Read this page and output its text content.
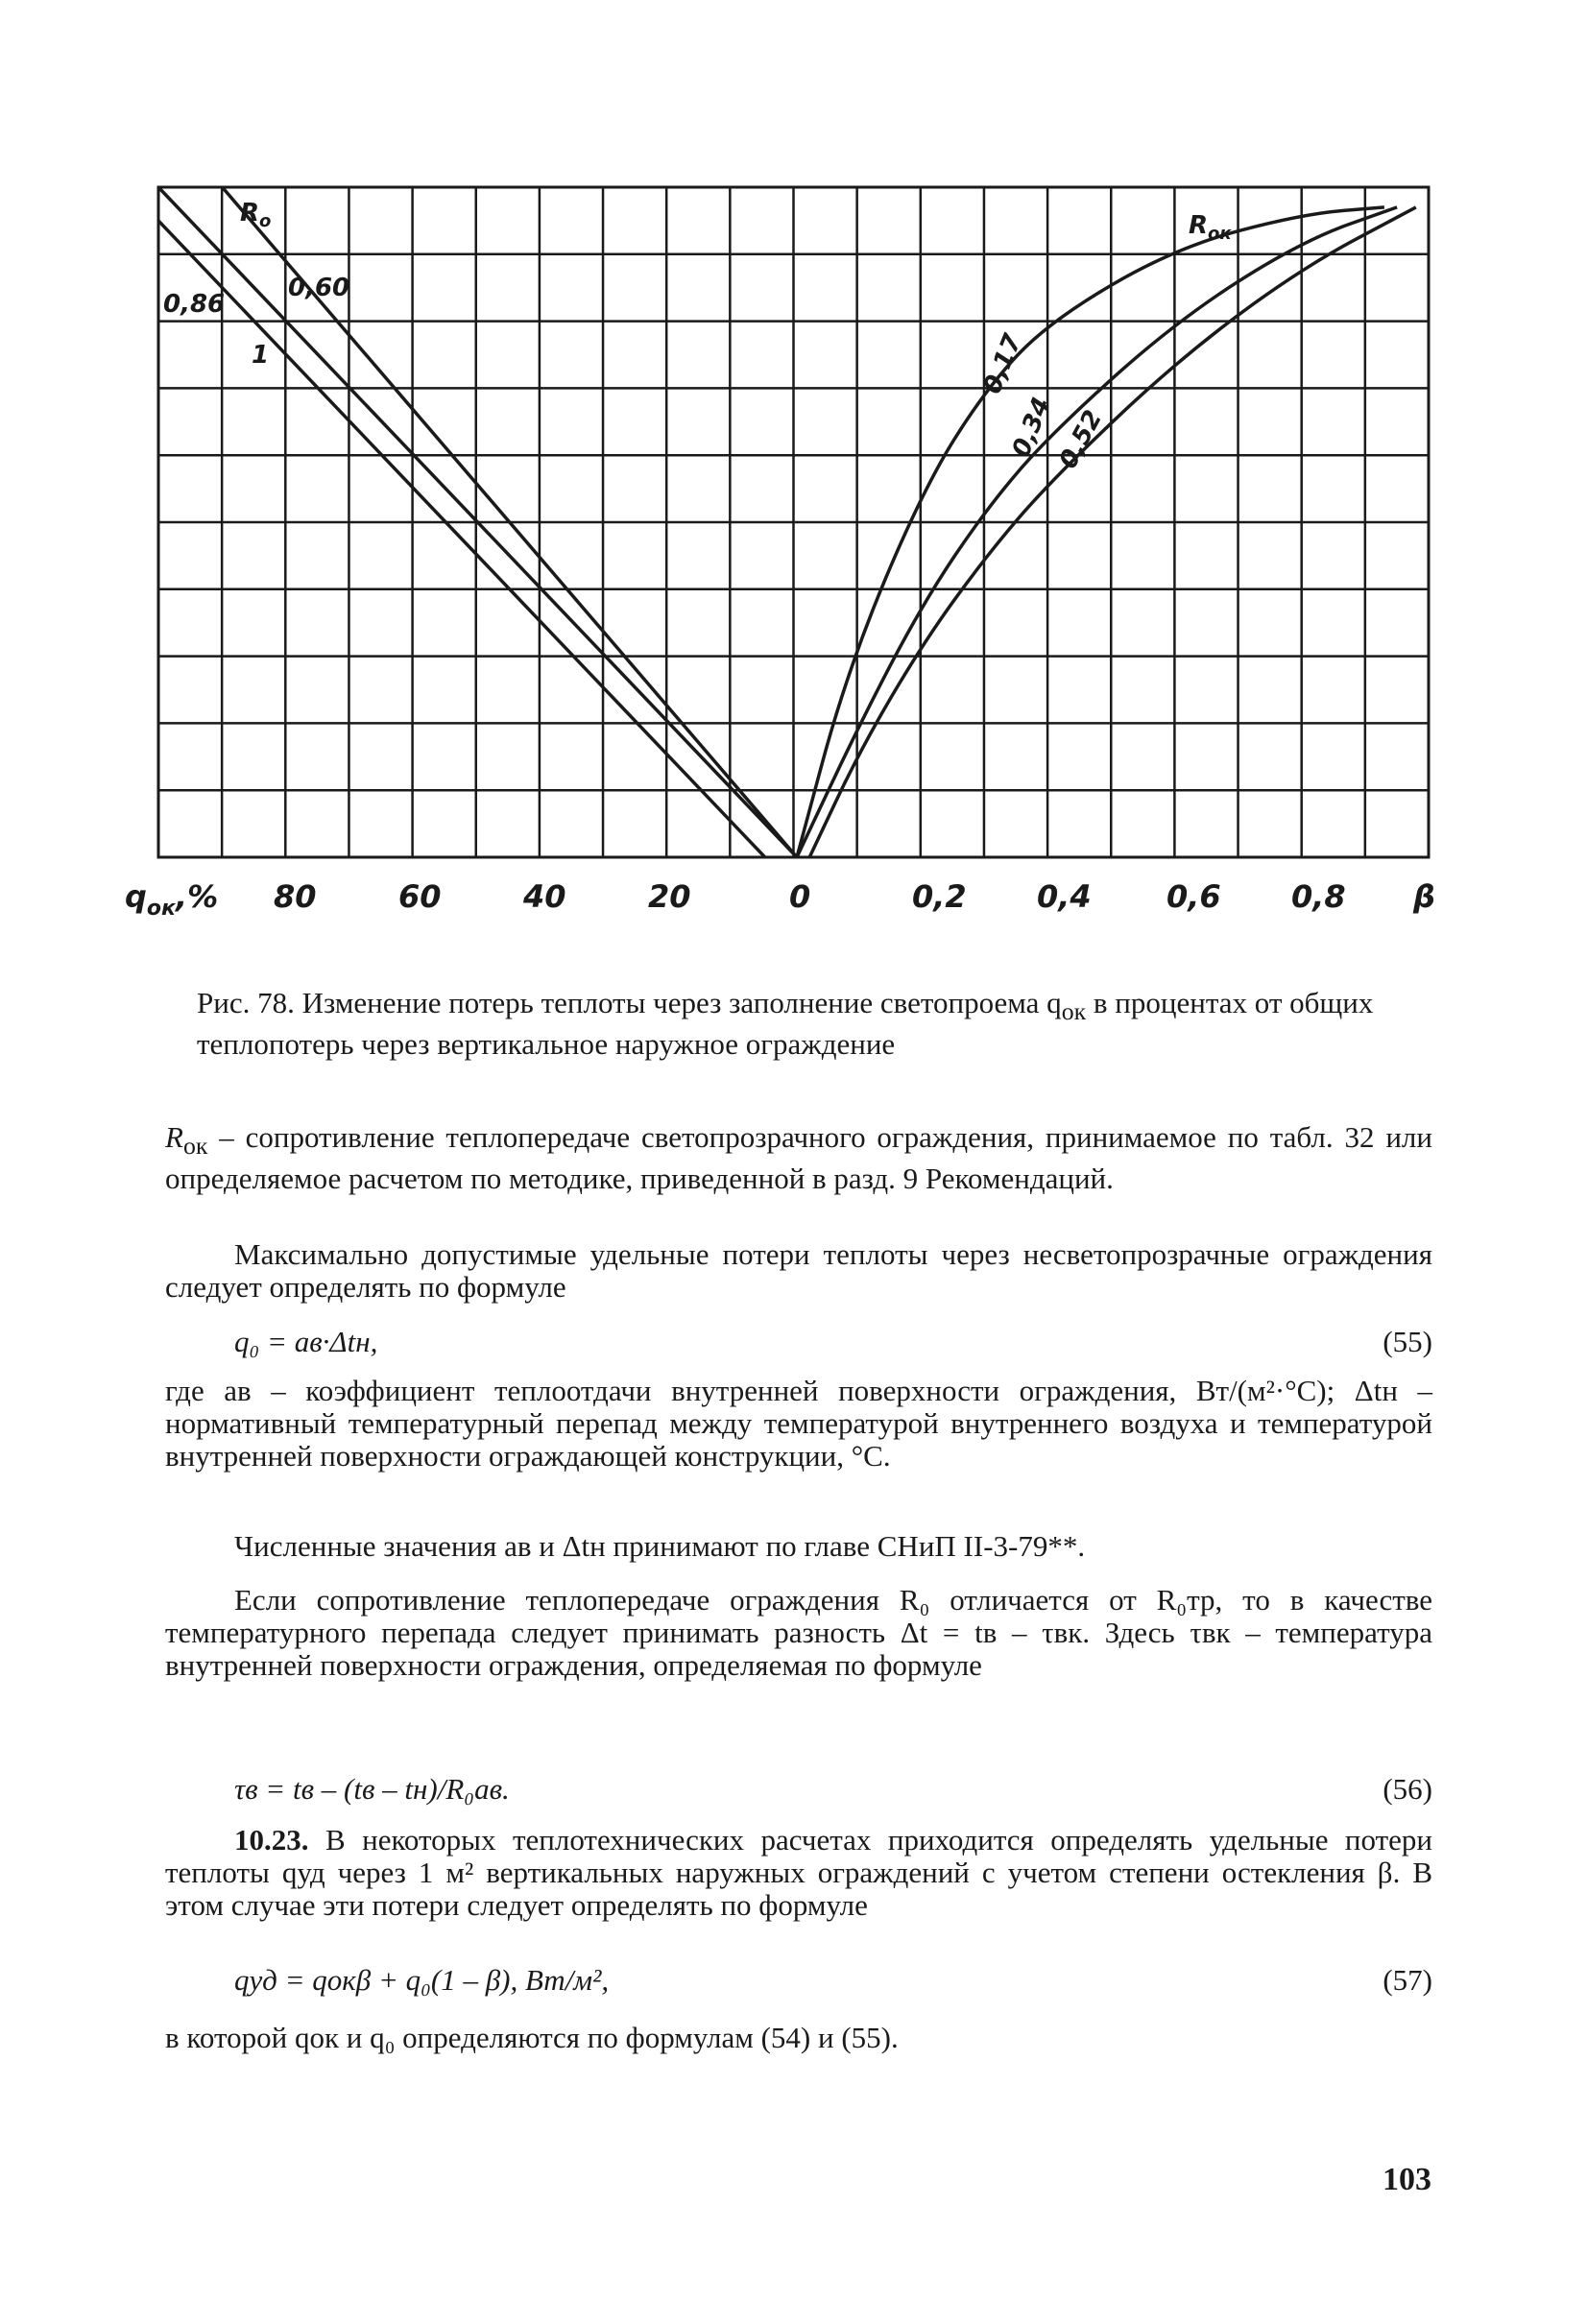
$q_{ок},\%$ 80	60	40	20	0	0,2 0,4 0,6 0,8 β
$R_o$
0,86
0,60
1
$R_{ок}$
0,17
0,34
0,52
Рис. 78. Изменение потерь теплоты через заполнение светопроема $q_{ок}$ в процентах от общих теплопотерь через вертикальное наружное ограждение
$R_{ок}$ – сопротивление теплопередаче светопрозрачного ограждения, принимаемое по табл. 32 или определяемое расчетом по методике, приведенной в разд. 9 Рекомендаций.
Максимально допустимые удельные потери теплоты через несветопрозрачные ограждения следует определять по формуле
q₀ = aв·Δtн,	(55)
где aв – коэффициент теплоотдачи внутренней поверхности ограждения, Вт/(м²·°С); Δtн – нормативный температурный перепад между температурой внутреннего воздуха и температурой внутренней поверхности ограждающей конструкции, °С.
Численные значения aв и Δtн принимают по главе СНиП II-3-79**.
Если сопротивление теплопередаче ограждения R₀ отличается от R₀тр, то в качестве температурного перепада следует принимать разность Δt = tв – τвк. Здесь τвк – температура внутренней поверхности ограждения, определяемая по формуле
τв = tв – (tв – tн)/R₀aв.	(56)
10.23. В некоторых теплотехнических расчетах приходится определять удельные потери теплоты qуд через 1 м² вертикальных наружных ограждений с учетом степени остекления β. В этом случае эти потери следует определять по формуле
qуд = qокβ + q₀(1 – β), Вт/м²,	(57)
в которой qок и q₀ определяются по формулам (54) и (55).
103
